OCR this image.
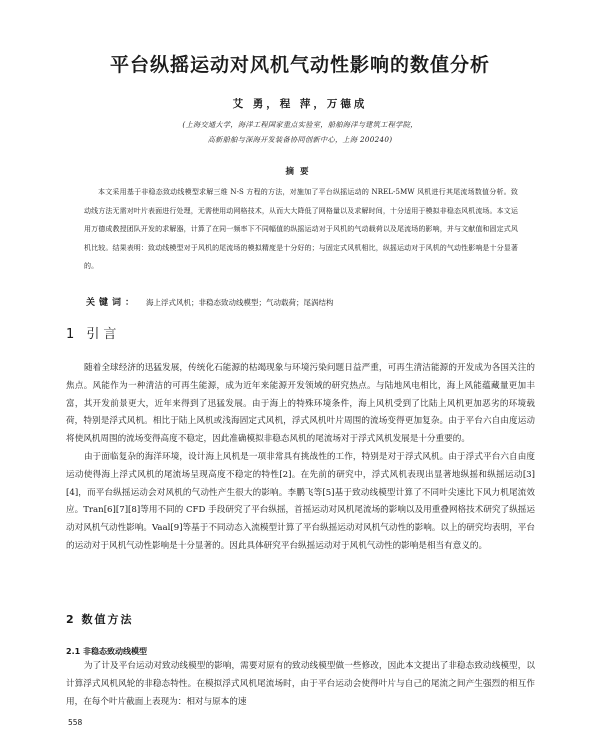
平台纵摇运动对风机气动性影响的数值分析
艾 勇，程 萍，万德成
(上海交通大学，海洋工程国家重点实验室，船舶海洋与建筑工程学院，
高新船舶与深海开发装备协同创新中心，上海 200240)
摘要
本文采用基于非稳态致动线模型求解三维 N-S 方程的方法，对施加了平台纵摇运动的 NREL-5MW 风机进行其尾流场数值分析。致动线方法无需对叶片表面进行处理，无需使用动网格技术，从而大大降低了网格量以及求解时间，十分适用于模拟非稳态风机流场。本文运用万德成教授团队开发的求解器，计算了在同一频率下不同幅值的纵摇运动对于风机的气动载荷以及尾流场的影响，并与文献值和固定式风机比较。结果表明：致动线模型对于风机的尾流场的模拟精度是十分好的；与固定式风机相比，纵摇运动对于风机的气动性影响是十分显著的。
关键词： 海上浮式风机；非稳态致动线模型；气动载荷；尾涡结构
1 引言

随着全球经济的迅猛发展，传统化石能源的枯竭现象与环境污染问题日益严重，可再生清洁能源的开发成为各国关注的焦点。风能作为一种清洁的可再生能源，成为近年来能源开发领域的研究热点。与陆地风电相比，海上风能蕴藏量更加丰富，其开发前景更大，近年来得到了迅猛发展。由于海上的特殊环境条件，海上风机受到了比陆上风机更加恶劣的环境载荷，特别是浮式风机。相比于陆上风机或浅海固定式风机，浮式风机叶片周围的流场变得更加复杂。由于平台六自由度运动将使风机周围的流场变得高度不稳定，因此准确模拟非稳态风机的尾流场对于浮式风机发展是十分重要的。

由于面临复杂的海洋环境，设计海上风机是一项非常具有挑战性的工作，特别是对于浮式风机。由于浮式平台六自由度运动使得海上浮式风机的尾流场呈现高度不稳定的特性[2]。在先前的研究中，浮式风机表现出显著地纵摇和纵摇运动[3][4]，而平台纵摇运动会对风机的气动性产生很大的影响。李鹏飞等[5]基于致动线模型计算了不同叶尖速比下风力机尾流效应。Tran[6][7][8]等用不同的 CFD 手段研究了平台纵摇，首摇运动对风机尾流场的影响以及用重叠网格技术研究了纵摇运动对风机气动性影响。Vaal[9]等基于不同动态入流模型计算了平台纵摇运动对风机气动性的影响。以上的研究均表明，平台的运动对于风机气动性影响是十分显著的。因此具体研究平台纵摇运动对于风机气动性的影响是相当有意义的。

2 数值方法
2.1 非稳态致动线模型

为了计及平台运动对致动线模型的影响，需要对原有的致动线模型做一些修改，因此本文提出了非稳态致动线模型，以计算浮式风机风轮的非稳态特性。在模拟浮式风机尾流场时，由于平台运动会使得叶片与自己的尾流之间产生强烈的相互作用，在每个叶片截面上表现为：相对与原本的速

558
